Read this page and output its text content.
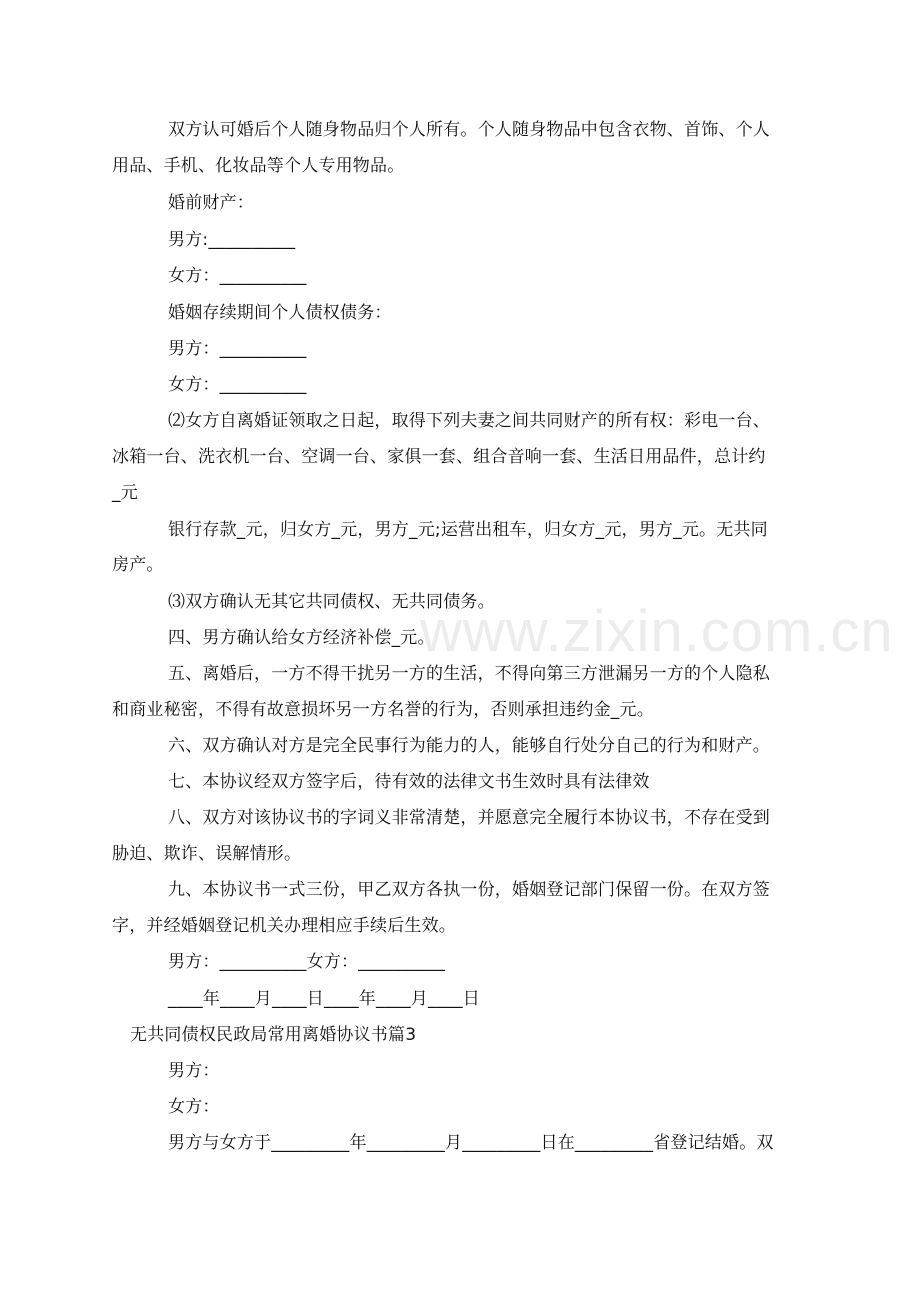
www.zixin.com.cn
双方认可婚后个人随身物品归个人所有。个人随身物品中包含衣物、首饰、个人
用品、手机、化妆品等个人专用物品。
婚前财产：
男方:__________
女方：__________
婚姻存续期间个人债权债务：
男方：__________
女方：__________
⑵女方自离婚证领取之日起，取得下列夫妻之间共同财产的所有权：彩电一台、
冰箱一台、洗衣机一台、空调一台、家俱一套、组合音响一套、生活日用品件，总计约
_元
银行存款_元，归女方_元，男方_元;运营出租车，归女方_元，男方_元。无共同
房产。
⑶双方确认无其它共同债权、无共同债务。
四、男方确认给女方经济补偿_元。
五、离婚后，一方不得干扰另一方的生活，不得向第三方泄漏另一方的个人隐私
和商业秘密，不得有故意损坏另一方名誉的行为，否则承担违约金_元。
六、双方确认对方是完全民事行为能力的人，能够自行处分自己的行为和财产。
七、本协议经双方签字后，待有效的法律文书生效时具有法律效
八、双方对该协议书的字词义非常清楚，并愿意完全履行本协议书，不存在受到
胁迫、欺诈、误解情形。
九、本协议书一式三份，甲乙双方各执一份，婚姻登记部门保留一份。在双方签
字，并经婚姻登记机关办理相应手续后生效。
男方：__________女方：__________
____年____月____日____年____月____日
无共同债权民政局常用离婚协议书篇3
男方：
女方：
男方与女方于_________年_________月_________日在_________省登记结婚。双
